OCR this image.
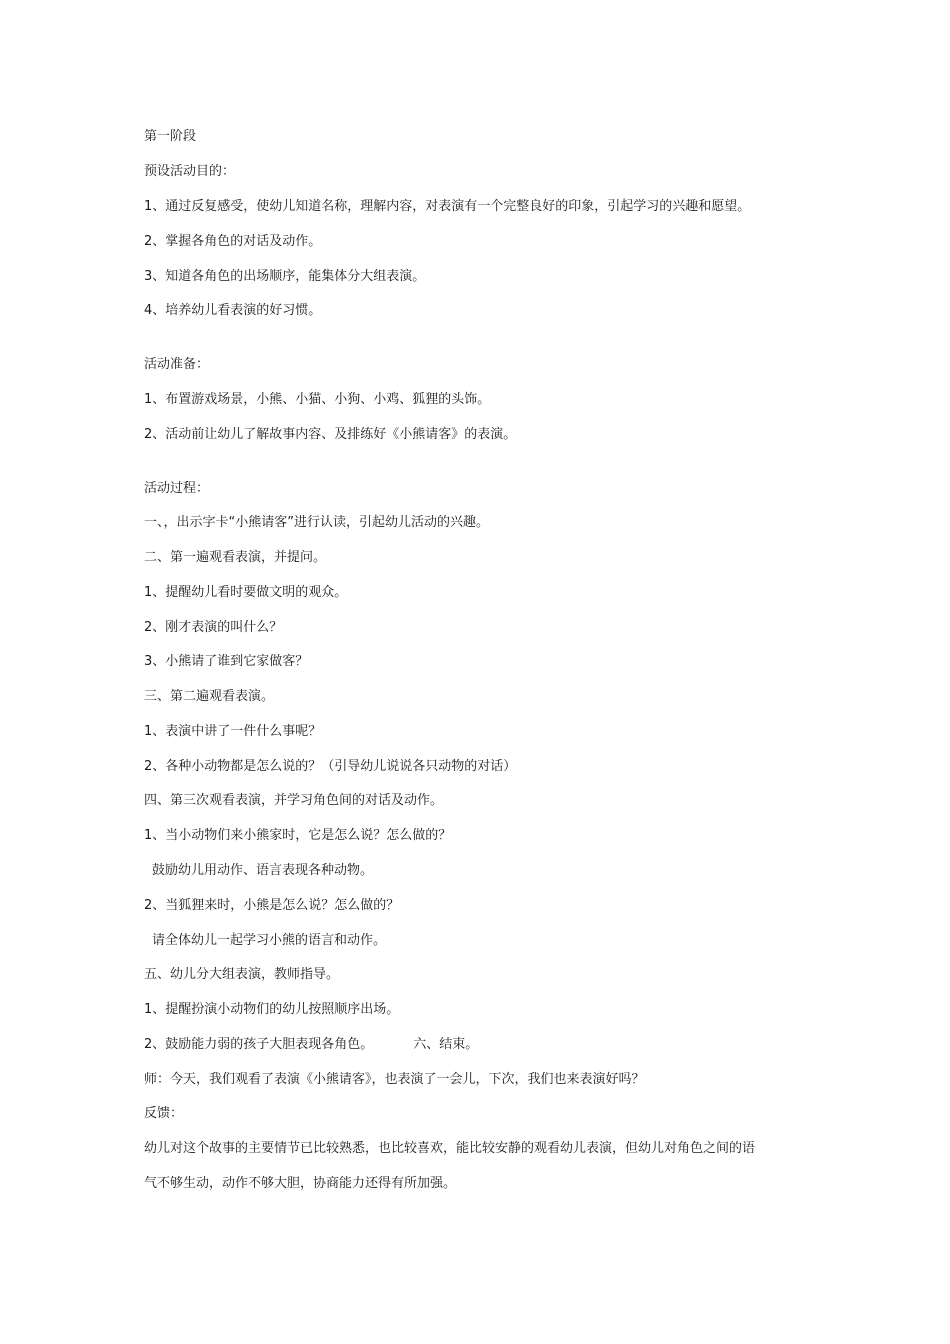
第一阶段
预设活动目的：
1、通过反复感受，使幼儿知道名称，理解内容，对表演有一个完整良好的印象，引起学习的兴趣和愿望。
2、掌握各角色的对话及动作。
3、知道各角色的出场顺序，能集体分大组表演。
4、培养幼儿看表演的好习惯。
活动准备：
1、布置游戏场景，小熊、小猫、小狗、小鸡、狐狸的头饰。
2、活动前让幼儿了解故事内容、及排练好《小熊请客》的表演。
活动过程：
一、，出示字卡“小熊请客”进行认读，引起幼儿活动的兴趣。
二、第一遍观看表演，并提问。
1、提醒幼儿看时要做文明的观众。
2、刚才表演的叫什么？
3、小熊请了谁到它家做客？
三、第二遍观看表演。
1、表演中讲了一件什么事呢？
2、各种小动物都是怎么说的？（引导幼儿说说各只动物的对话）
四、第三次观看表演，并学习角色间的对话及动作。
1、当小动物们来小熊家时，它是怎么说？怎么做的？
鼓励幼儿用动作、语言表现各种动物。
2、当狐狸来时，小熊是怎么说？怎么做的？
请全体幼儿一起学习小熊的语言和动作。
五、幼儿分大组表演，教师指导。
1、提醒扮演小动物们的幼儿按照顺序出场。
2、鼓励能力弱的孩子大胆表现各角色。	六、结束。
师：今天，我们观看了表演《小熊请客》，也表演了一会儿，下次，我们也来表演好吗？
反馈：
幼儿对这个故事的主要情节已比较熟悉，也比较喜欢，能比较安静的观看幼儿表演，但幼儿对角色之间的语
气不够生动，动作不够大胆，协商能力还得有所加强。
